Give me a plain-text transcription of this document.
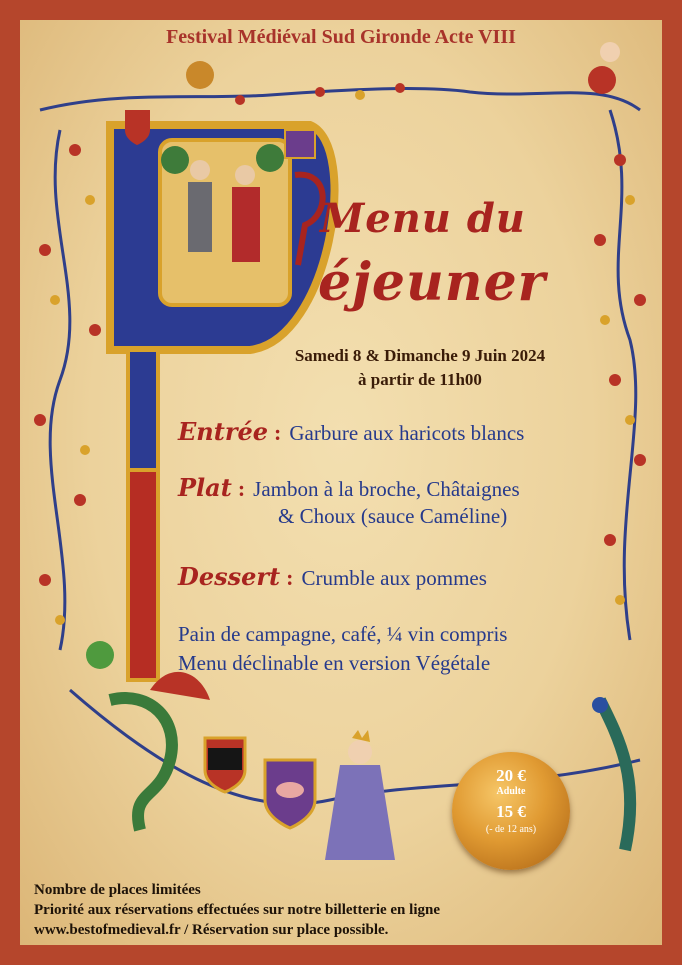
Festival Médiéval Sud Gironde Acte VIII
Menu du
éjeuner
Samedi 8 & Dimanche 9 Juin 2024
à partir de 11h00
Entrée : Garbure aux haricots blancs
Plat : Jambon à la broche, Châtaignes
& Choux (sauce Caméline)
Dessert : Crumble aux pommes
Pain de campagne, café, ¼ vin compris
Menu déclinable en version Végétale
20 €
Adulte
15 €
(- de 12 ans)
Nombre de places limitées
Priorité aux réservations effectuées sur notre billetterie en ligne
www.bestofmedieval.fr / Réservation sur place possible.
